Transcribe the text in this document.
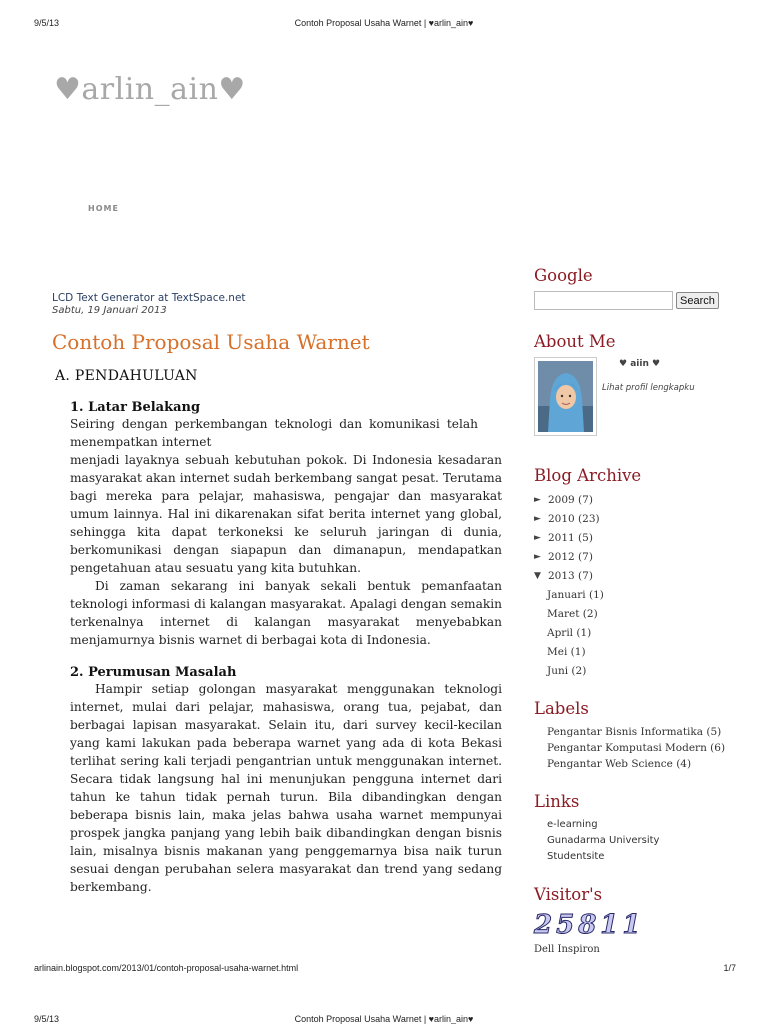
9/5/13	Contoh Proposal Usaha Warnet | ♥arlin_ain♥
♥arlin_ain♥
HOME
LCD Text Generator at TextSpace.net
Sabtu, 19 Januari 2013
Contoh Proposal Usaha Warnet
A. PENDAHULUAN
1. Latar Belakang

Seiring dengan perkembangan teknologi dan komunikasi telah menempatkan internet

menjadi layaknya sebuah kebutuhan pokok. Di Indonesia kesadaran masyarakat akan internet sudah berkembang sangat pesat. Terutama bagi mereka para pelajar, mahasiswa, pengajar dan masyarakat umum lainnya. Hal ini dikarenakan sifat berita internet yang global, sehingga kita dapat terkoneksi ke seluruh jaringan di dunia, berkomunikasi dengan siapapun dan dimanapun, mendapatkan pengetahuan atau sesuatu yang kita butuhkan.

Di zaman sekarang ini banyak sekali bentuk pemanfaatan teknologi informasi di kalangan masyarakat. Apalagi dengan semakin terkenalnya internet di kalangan masyarakat menyebabkan menjamurnya bisnis warnet di berbagai kota di Indonesia.

2. Perumusan Masalah

Hampir setiap golongan masyarakat menggunakan teknologi internet, mulai dari pelajar, mahasiswa, orang tua, pejabat, dan berbagai lapisan masyarakat. Selain itu, dari survey kecil-kecilan yang kami lakukan pada beberapa warnet yang ada di kota Bekasi terlihat sering kali terjadi pengantrian untuk menggunakan internet. Secara tidak langsung hal ini menunjukan pengguna internet dari tahun ke tahun tidak pernah turun. Bila dibandingkan dengan beberapa bisnis lain, maka jelas bahwa usaha warnet mempunyai prospek jangka panjang yang lebih baik dibandingkan dengan bisnis lain, misalnya bisnis makanan yang penggemarnya bisa naik turun sesuai dengan perubahan selera masyarakat dan trend yang sedang berkembang.

Google
Search
About Me
♥ aiin ♥
Lihat profil lengkapku
Blog Archive
► 2009 (7)
► 2010 (23)
► 2011 (5)
► 2012 (7)
▼ 2013 (7)
Januari (1)
Maret (2)
April (1)
Mei (1)
Juni (2)
Labels
Pengantar Bisnis Informatika (5)
Pengantar Komputasi Modern (6)
Pengantar Web Science (4)
Links
e-learning
Gunadarma University
Studentsite
Visitor's
2 5 8 1 1
Dell Inspiron
arlinain.blogspot.com/2013/01/contoh-proposal-usaha-warnet.html	1/7
9/5/13	Contoh Proposal Usaha Warnet | ♥arlin_ain♥
